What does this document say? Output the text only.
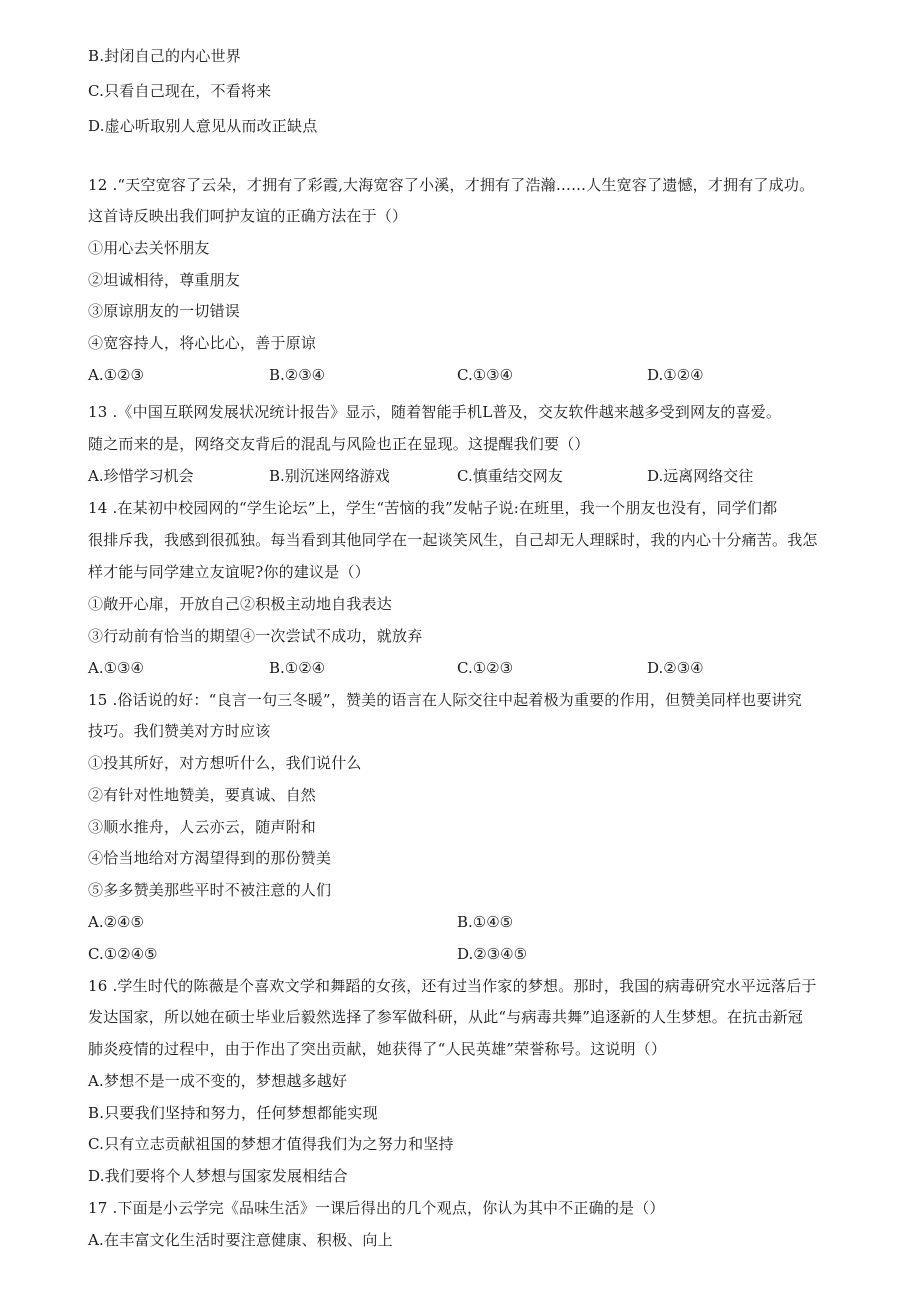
B.封闭自己的内心世界
C.只看自己现在，不看将来
D.虚心听取别人意见从而改正缺点
12 .“天空宽容了云朵，才拥有了彩霞,大海宽容了小溪，才拥有了浩瀚……人生宽容了遗憾，才拥有了成功。
这首诗反映出我们呵护友谊的正确方法在于（）
①用心去关怀朋友
②坦诚相待，尊重朋友
③原谅朋友的一切错误
④宽容持人，将心比心，善于原谅
A.①②③	B.②③④	C.①③④	D.①②④
13 .《中国互联网发展状况统计报告》显示，随着智能手机L普及，交友软件越来越多受到网友的喜爱。
随之而来的是，网络交友背后的混乱与风险也正在显现。这提醒我们要（）
A.珍惜学习机会	B.别沉迷网络游戏	C.慎重结交网友	D.远离网络交往
14 .在某初中校园网的“学生论坛”上，学生“苦恼的我”发帖子说:在班里，我一个朋友也没有，同学们都
很排斥我，我感到很孤独。每当看到其他同学在一起谈笑风生，自己却无人理睬时，我的内心十分痛苦。我怎
样才能与同学建立友谊呢?你的建议是（）
①敞开心扉，开放自己②积极主动地自我表达
③行动前有恰当的期望④一次尝试不成功，就放弃
A.①③④	B.①②④	C.①②③	D.②③④
15 .俗话说的好：“良言一句三冬暖”，赞美的语言在人际交往中起着极为重要的作用，但赞美同样也要讲究
技巧。我们赞美对方时应该
①投其所好，对方想听什么，我们说什么
②有针对性地赞美，要真诚、自然
③顺水推舟，人云亦云，随声附和
④恰当地给对方渴望得到的那份赞美
⑤多多赞美那些平时不被注意的人们
A.②④⑤	B.①④⑤
C.①②④⑤	D.②③④⑤
16 .学生时代的陈薇是个喜欢文学和舞蹈的女孩，还有过当作家的梦想。那时，我国的病毒研究水平远落后于
发达国家，所以她在硕士毕业后毅然选择了参军做科研，从此“与病毒共舞”追逐新的人生梦想。在抗击新冠
肺炎疫情的过程中，由于作出了突出贡献，她获得了“人民英雄”荣誉称号。这说明（）
A.梦想不是一成不变的，梦想越多越好
B.只要我们坚持和努力，任何梦想都能实现
C.只有立志贡献祖国的梦想才值得我们为之努力和坚持
D.我们要将个人梦想与国家发展相结合
17 .下面是小云学完《品味生活》一课后得出的几个观点，你认为其中不正确的是（）
A.在丰富文化生活时要注意健康、积极、向上
